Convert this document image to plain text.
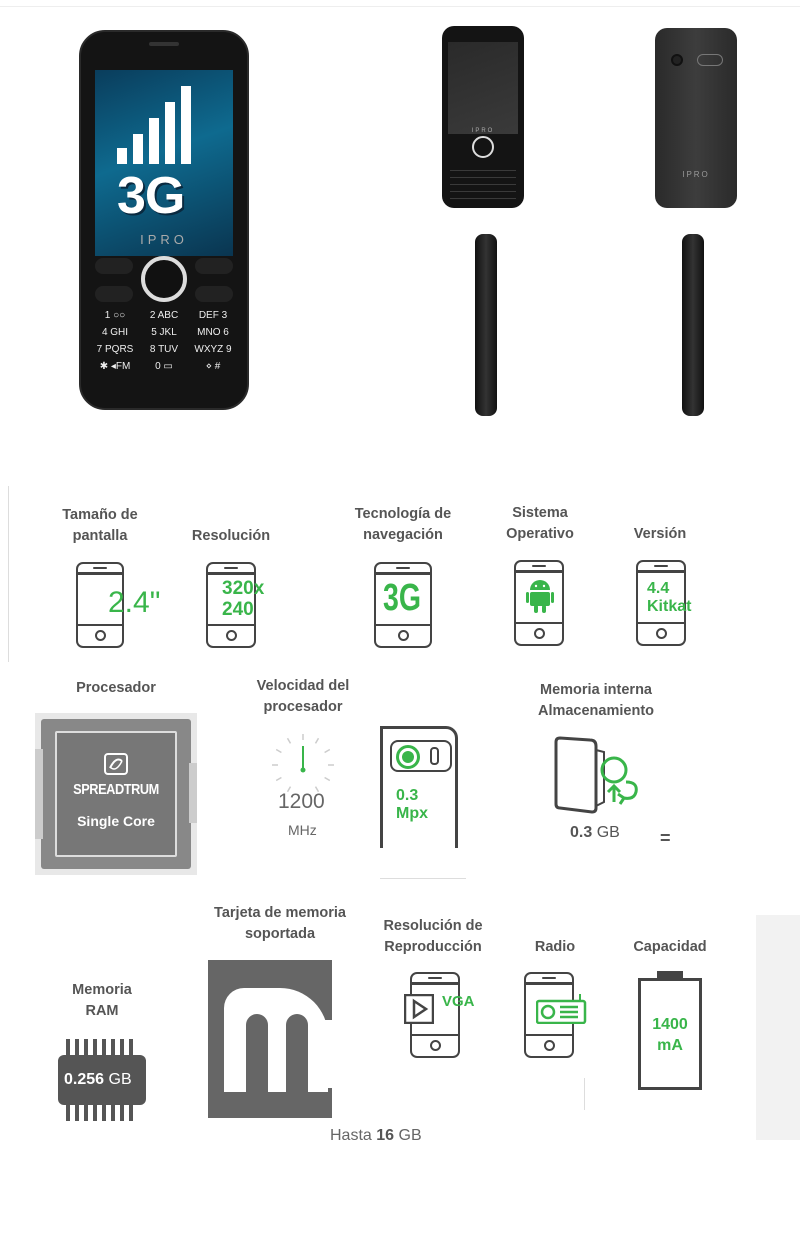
3G
IPRO
1 ○○	2 ABC	DEF 3
4 GHI	5 JKL	MNO 6
7 PQRS	8 TUV	WXYZ 9
✱ ◂FM	0 ▭	⋄ #
IPRO
IPRO
Tamaño de
pantalla
2.4"
Resolución
320x
240
Tecnología de
navegación
3G
Sistema
Operativo	Versión
4.4
Kitkat
Procesador
SPREADTRUM
Single Core
Velocidad del
procesador
1200
MHz
0.3
Mpx
Memoria interna
Almacenamiento
0.3 GB =
Memoria
RAM
0.256 GB
Tarjeta de memoria
soportada
Hasta 16 GB
Resolución de
Reproducción
VGA
Radio	Capacidad
1400
mA
